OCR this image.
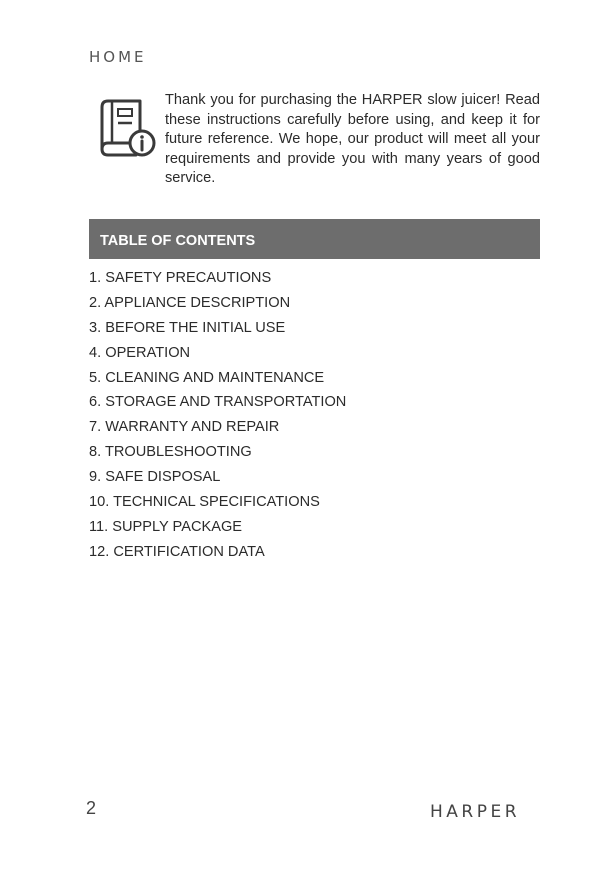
HOME
Thank you for purchasing the HARPER slow juicer! Read these instructions carefully before using, and keep it for future reference. We hope, our product will meet all your requirements and provide you with many years of good service.
TABLE OF CONTENTS
1. SAFETY PRECAUTIONS
2. APPLIANCE DESCRIPTION
3. BEFORE THE INITIAL USE
4. OPERATION
5. CLEANING AND MAINTENANCE
6. STORAGE AND TRANSPORTATION
7. WARRANTY AND REPAIR
8. TROUBLESHOOTING
9. SAFE DISPOSAL
10. TECHNICAL SPECIFICATIONS
11. SUPPLY PACKAGE
12. CERTIFICATION DATA
2	HARPER
